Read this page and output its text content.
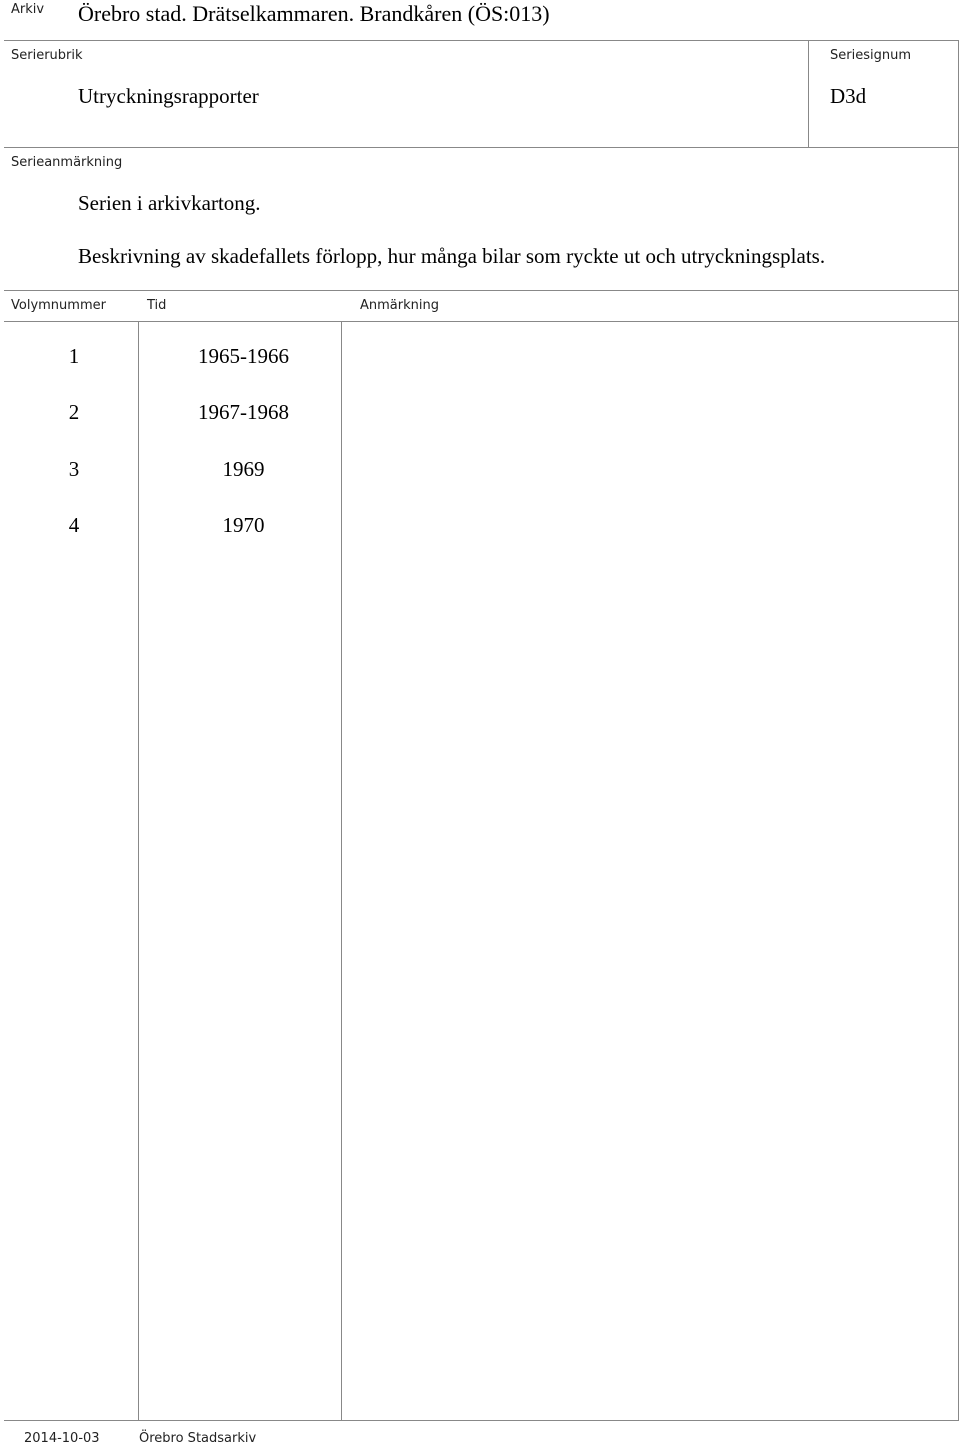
Arkiv Örebro stad. Drätselkammaren. Brandkåren (ÖS:013)
Serierubrik
Utryckningsrapporter
Seriesignum
D3d
Serieanmärkning
Serien i arkivkartong.
Beskrivning av skadefallets förlopp, hur många bilar som ryckte ut och utryckningsplats.
Volymnummer	Tid	Anmärkning
1	1965-1966
2	1967-1968
3	1969
4	1970
2014-10-03	Örebro Stadsarkiv
